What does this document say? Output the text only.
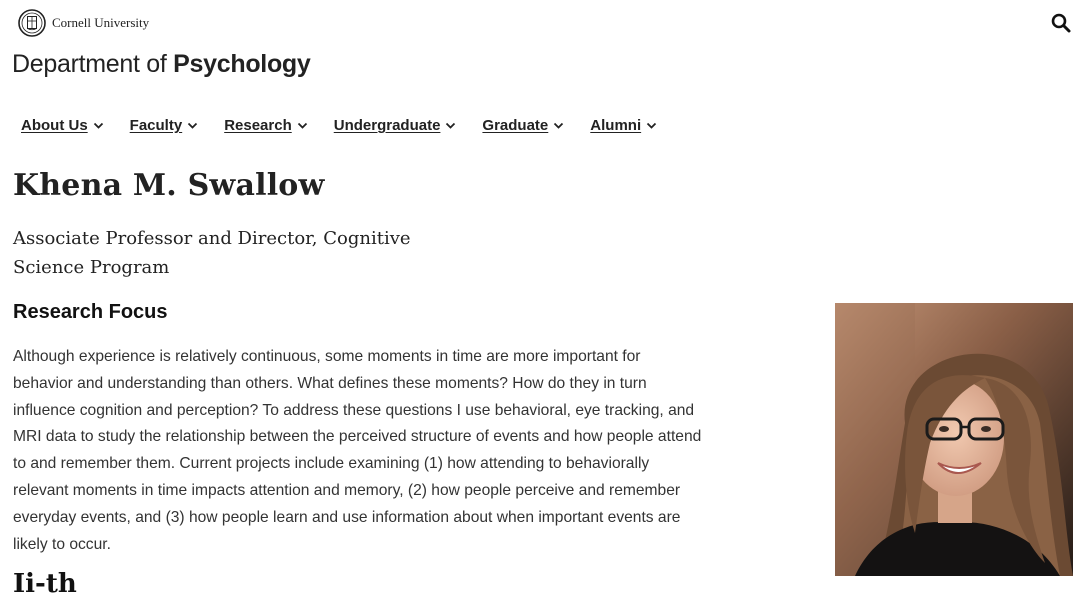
Cornell University
Department of Psychology
About Us	Faculty	Research	Undergraduate	Graduate	Alumni
Khena M. Swallow

Associate Professor and Director, Cognitive Science Program

Research Focus

Although experience is relatively continuous, some moments in time are more important for behavior and understanding than others. What defines these moments? How do they in turn influence cognition and perception? To address these questions I use behavioral, eye tracking, and MRI data to study the relationship between the perceived structure of events and how people attend to and remember them. Current projects include examining (1) how attending to behaviorally relevant moments in time impacts attention and memory, (2) how people perceive and remember everyday events, and (3) how people learn and use information about when important events are likely to occur.

Ii-th
